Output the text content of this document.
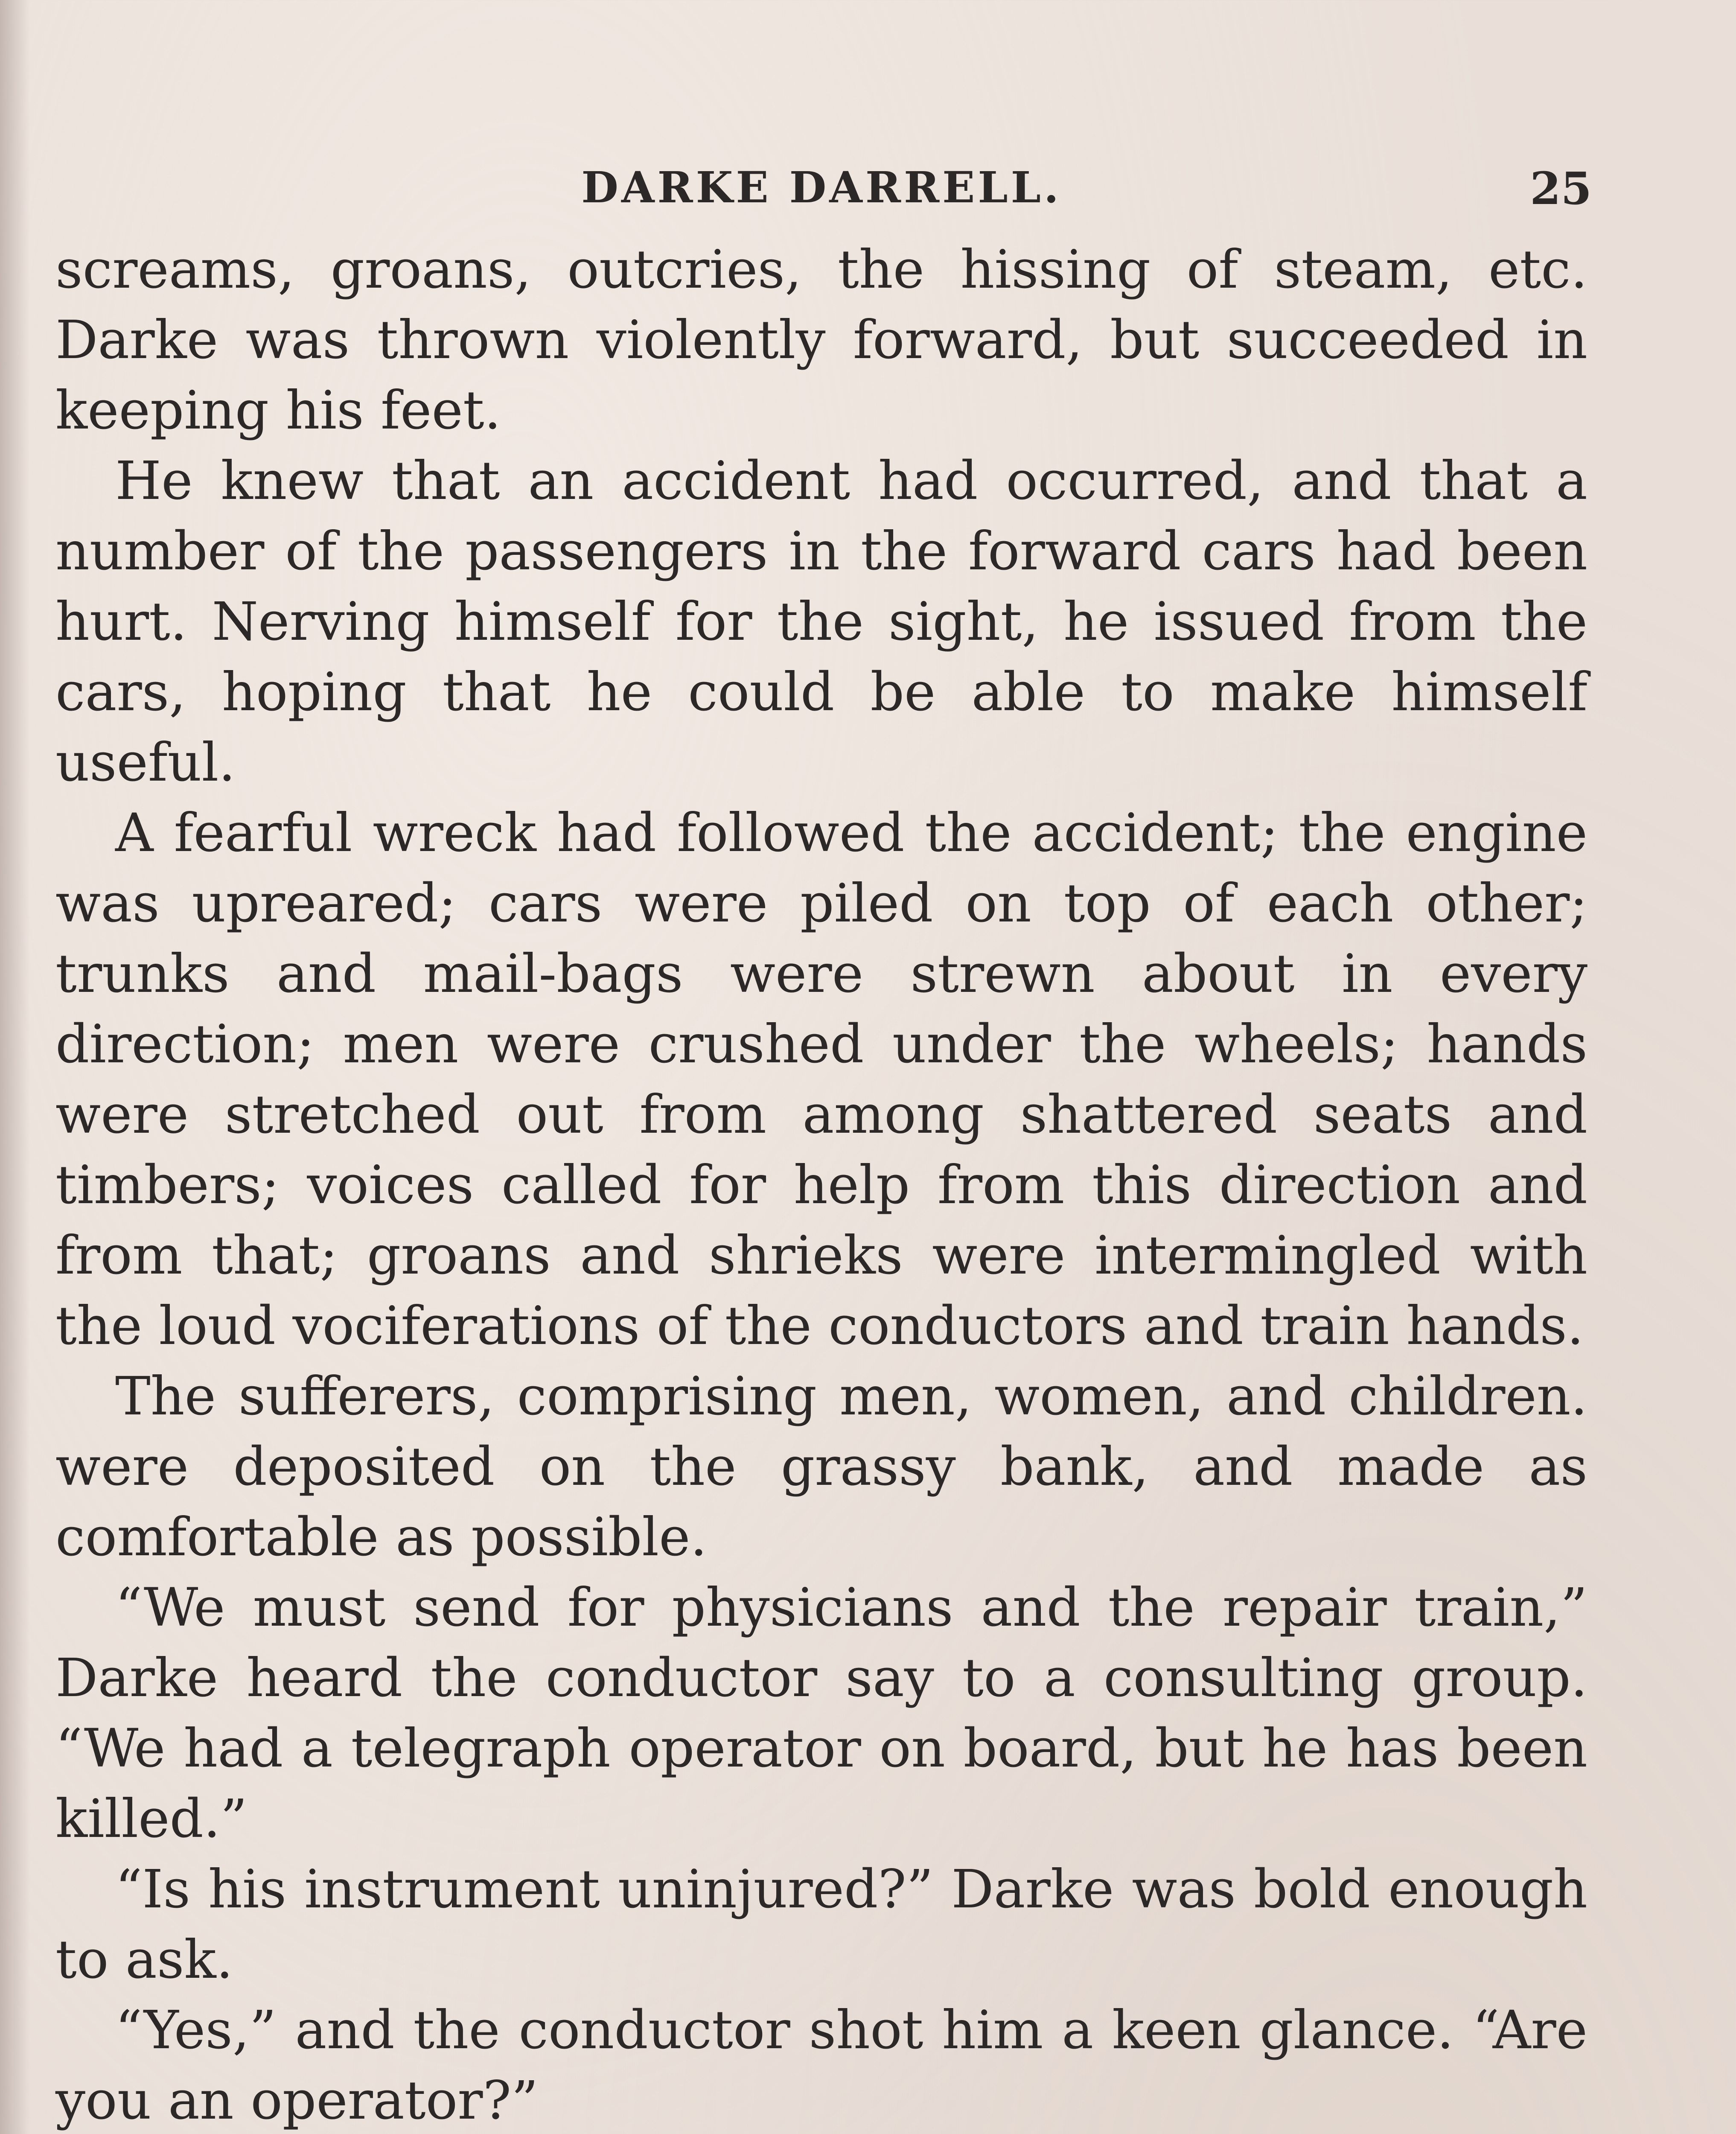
DARKE DARRELL.	25

screams, groans, outcries, the hissing of steam, etc. Darke was thrown violently forward, but succeeded in keeping his feet.

He knew that an accident had occurred, and that a number of the passengers in the forward cars had been hurt. Nerving himself for the sight, he issued from the cars, hoping that he could be able to make himself useful.

A fearful wreck had followed the accident; the engine was upreared; cars were piled on top of each other; trunks and mail-bags were strewn about in every direction; men were crushed under the wheels; hands were stretched out from among shattered seats and timbers; voices called for help from this direction and from that; groans and shrieks were intermingled with the loud vociferations of the conductors and train hands.

The sufferers, comprising men, women, and children. were deposited on the grassy bank, and made as comfortable as possible.

“We must send for physicians and the repair train,” Darke heard the conductor say to a consulting group. “We had a telegraph operator on board, but he has been killed.”

“Is his instrument uninjured?” Darke was bold enough to ask.

“Yes,” and the conductor shot him a keen glance. “Are you an operator?”
